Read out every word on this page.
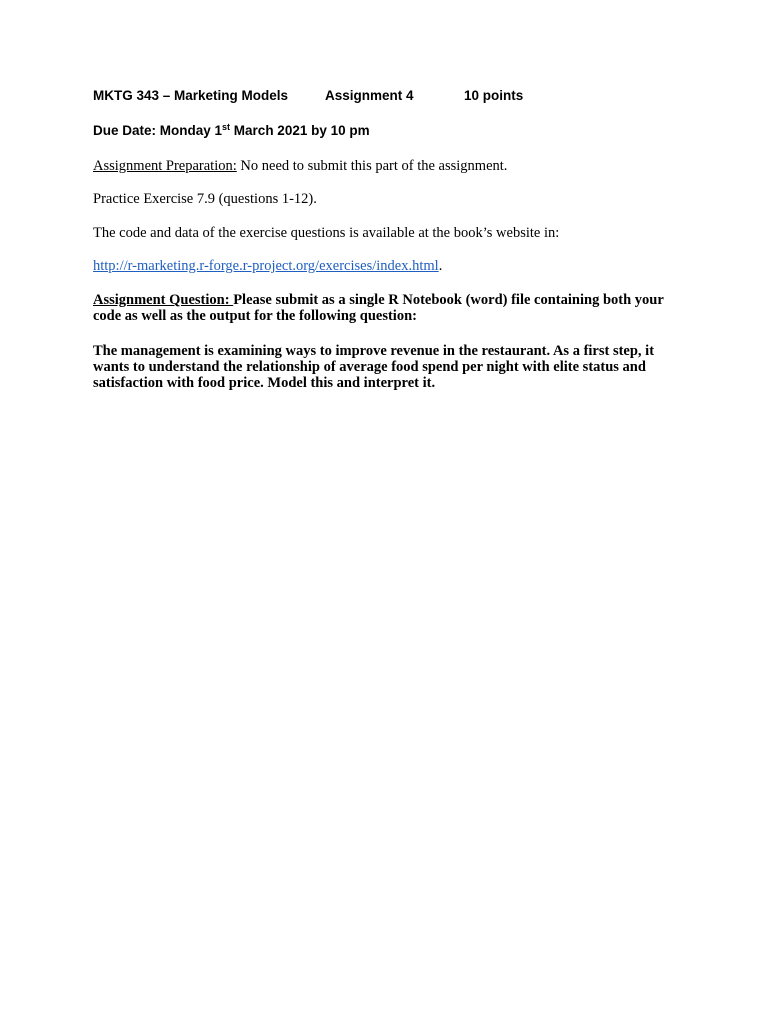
MKTG 343 – Marketing Models	Assignment 4	10 points
Due Date: Monday 1st March 2021 by 10 pm
Assignment Preparation: No need to submit this part of the assignment.
Practice Exercise 7.9 (questions 1-12).
The code and data of the exercise questions is available at the book’s website in:
http://r-marketing.r-forge.r-project.org/exercises/index.html.
Assignment Question: Please submit as a single R Notebook (word) file containing both your code as well as the output for the following question:
The management is examining ways to improve revenue in the restaurant. As a first step, it wants to understand the relationship of average food spend per night with elite status and satisfaction with food price. Model this and interpret it.
